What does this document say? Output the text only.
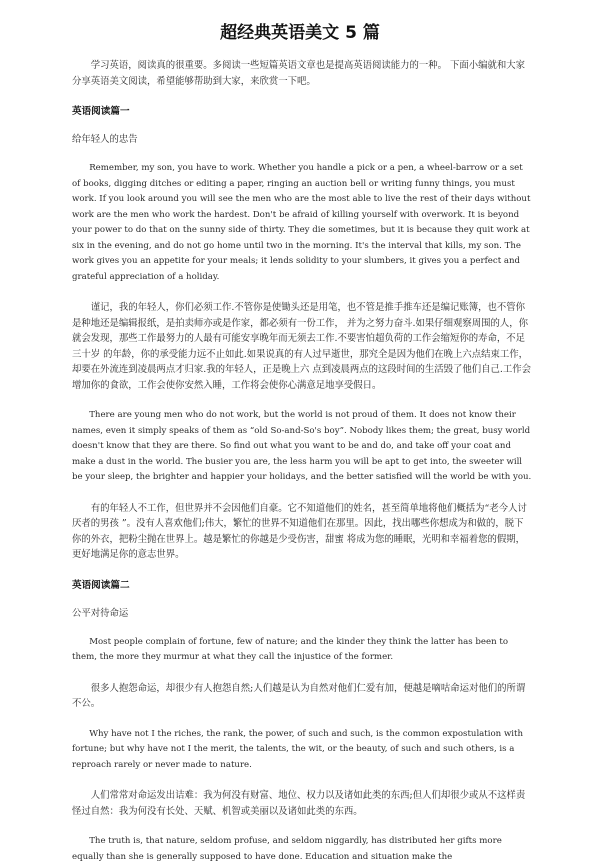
超经典英语美文 5 篇

学习英语，阅读真的很重要。多阅读一些短篇英语文章也是提高英语阅读能力的一种。 下面小编就和大家分享英语美文阅读，希望能够帮助到大家，来欣赏一下吧。

英语阅读篇一
给年轻人的忠告

Remember, my son, you have to work. Whether you handle a pick or a pen, a wheel-barrow or a set of books, digging ditches or editing a paper, ringing an auction bell or writing funny things, you must work. If you look around you will see the men who are the most able to live the rest of their days without work are the men who work the hardest. Don't be afraid of killing yourself with overwork. It is beyond your power to do that on the sunny side of thirty. They die sometimes, but it is because they quit work at six in the evening, and do not go home until two in the morning. It's the interval that kills, my son. The work gives you an appetite for your meals; it lends solidity to your slumbers, it gives you a perfect and grateful appreciation of a holiday.

谨记，我的年轻人，你们必须工作.不管你是使锄头还是用笔，也不管是推手推车还是编记账簿，也不管你是种地还是编辑报纸，是拍卖师亦或是作家，都必须有一份工作， 并为之努力奋斗.如果仔细观察周围的人，你就会发现，那些工作最努力的人最有可能安享晚年而无须去工作.不要害怕超负荷的工作会缩短你的寿命，不足三十岁 的年龄，你的承受能力远不止如此.如果说真的有人过早逝世，那究全是因为他们在晚上六点结束工作，却要在外流连到凌晨两点才归家.我的年轻人，正是晚上六 点到凌晨两点的这段时间的生活毁了他们自己.工作会增加你的食欲，工作会使你安然入睡，工作将会使你心满意足地享受假日。

There are young men who do not work, but the world is not proud of them. It does not know their names, even it simply speaks of them as “old So-and-So's boy”. Nobody likes them; the great, busy world doesn't know that they are there. So find out what you want to be and do, and take off your coat and make a dust in the world. The busier you are, the less harm you will be apt to get into, the sweeter will be your sleep, the brighter and happier your holidays, and the better satisfied will the world be with you.

有的年轻人不工作，但世界并不会因他们自豪。它不知道他们的姓名，甚至简单地将他们概括为“老今人讨厌者的男孩 ”。没有人喜欢他们;伟大，繁忙的世界不知道他们在那里。因此，找出哪些你想成为和做的，脱下你的外衣，把粉尘抛在世界上。越是繁忙的你越是少受伤害，甜蜜 将成为您的睡眠，光明和幸福着您的假期，更好地满足你的意志世界。

英语阅读篇二
公平对待命运

Most people complain of fortune, few of nature; and the kinder they think the latter has been to them, the more they murmur at what they call the injustice of the former.

很多人抱怨命运，却很少有人抱怨自然;人们越是认为自然对他们仁爱有加，便越是嘀咕命运对他们的所谓不公。

Why have not I the riches, the rank, the power, of such and such, is the common expostulation with fortune; but why have not I the merit, the talents, the wit, or the beauty, of such and such others, is a reproach rarely or never made to nature.

人们常常对命运发出诘难：我为何没有财富、地位、权力以及诸如此类的东西;但人们却很少或从不这样责怪过自然：我为何没有长处、天赋、机智或美丽以及诸如此类的东西。

The truth is, that nature, seldom profuse, and seldom niggardly, has distributed her gifts more equally than she is generally supposed to have done. Education and situation make the
